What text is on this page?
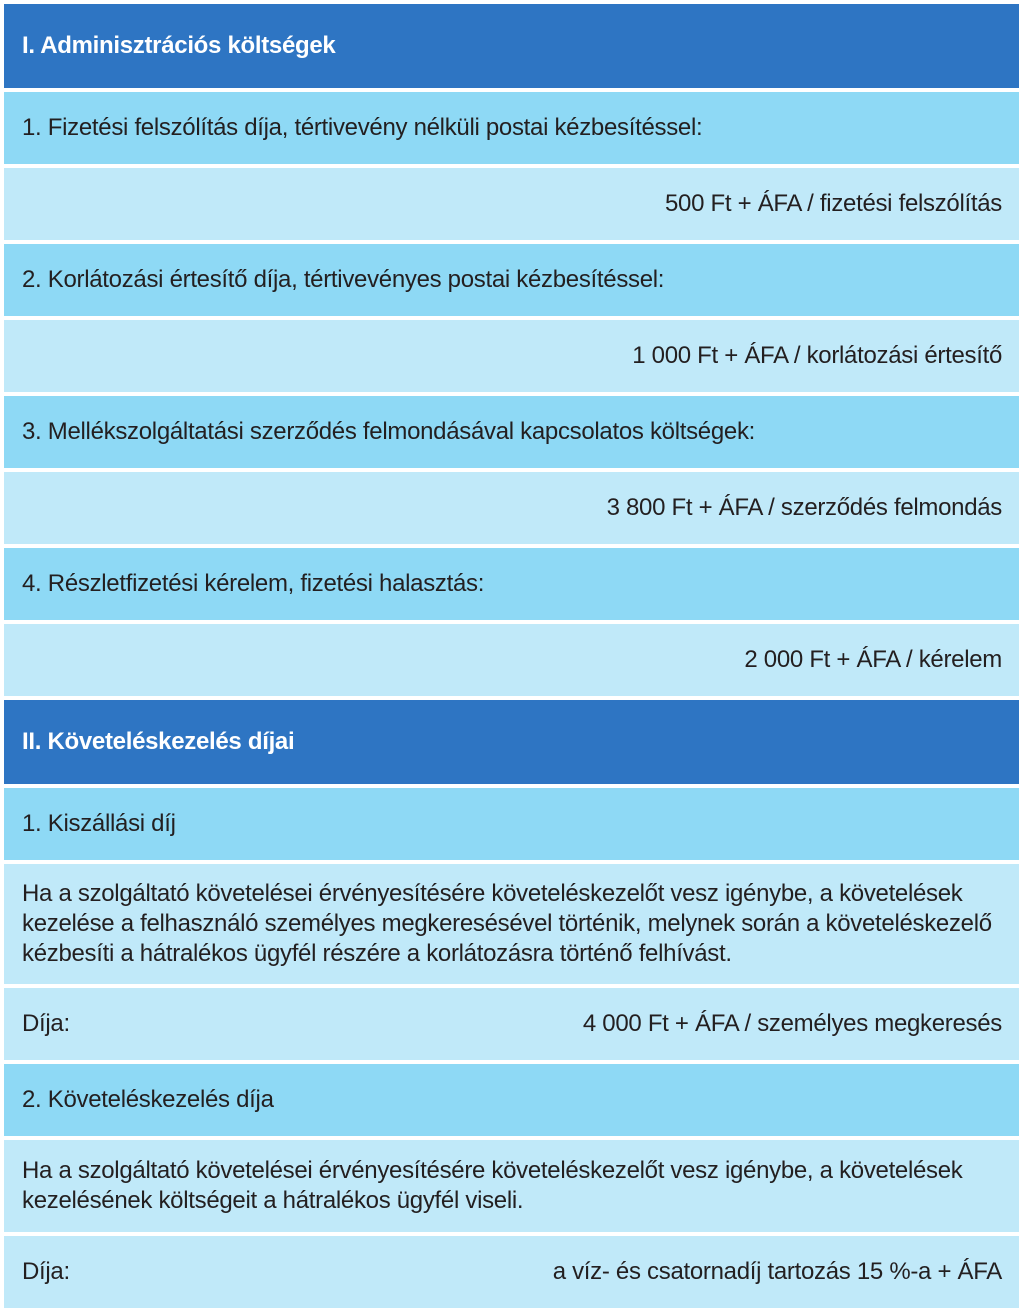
I. Adminisztrációs költségek
1. Fizetési felszólítás díja, tértivevény nélküli postai kézbesítéssel:
500 Ft + ÁFA / fizetési felszólítás
2. Korlátozási értesítő díja, tértivevényes postai kézbesítéssel:
1 000 Ft + ÁFA / korlátozási értesítő
3. Mellékszolgáltatási szerződés felmondásával kapcsolatos költségek:
3 800 Ft + ÁFA / szerződés felmondás
4. Részletfizetési kérelem, fizetési halasztás:
2 000 Ft + ÁFA / kérelem
II. Követeléskezelés díjai
1. Kiszállási díj
Ha a szolgáltató követelései érvényesítésére követeléskezelőt vesz igénybe, a követelések
kezelése a felhasználó személyes megkeresésével történik, melynek során a követeléskezelő
kézbesíti a hátralékos ügyfél részére a korlátozásra történő felhívást.
Díja:	4 000 Ft + ÁFA / személyes megkeresés
2. Követeléskezelés díja
Ha a szolgáltató követelései érvényesítésére követeléskezelőt vesz igénybe, a követelések
kezelésének költségeit a hátralékos ügyfél viseli.
Díja:	a víz- és csatornadíj tartozás 15 %-a + ÁFA
